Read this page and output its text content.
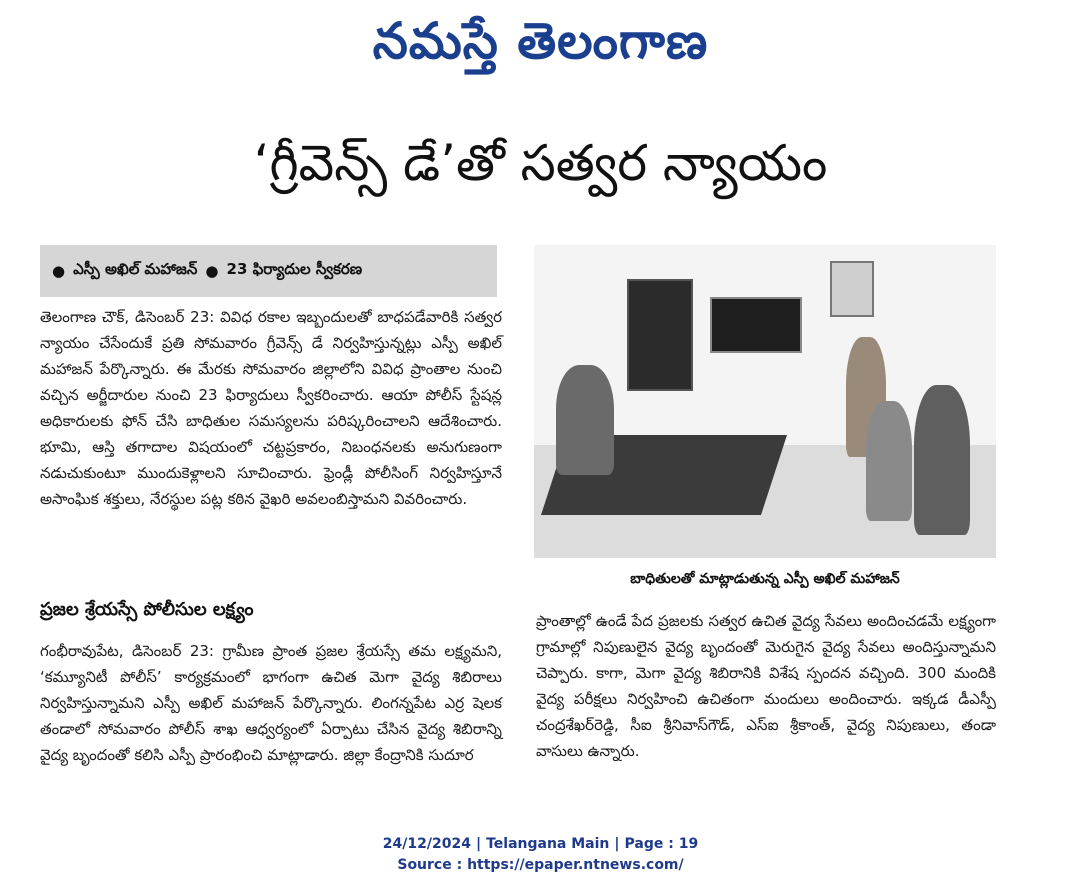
నమస్తే తెలంగాణ
‘గ్రీవెన్స్ డే’తో సత్వర న్యాయం
● ఎస్పీ అఖిల్ మహాజన్ ● 23 ఫిర్యాదుల స్వీకరణ

తెలంగాణ చౌక్, డిసెంబర్ 23: వివిధ రకాల ఇబ్బందులతో బాధపడేవారికి సత్వర న్యాయం చేసేందుకే ప్రతి సోమవారం గ్రీవెన్స్ డే నిర్వహిస్తున్నట్లు ఎస్పీ అఖిల్ మహాజన్ పేర్కొన్నారు. ఈ మేరకు సోమవారం జిల్లాలోని వివిధ ప్రాంతాల నుంచి వచ్చిన అర్జీదారుల నుంచి 23 ఫిర్యాదులు స్వీకరించారు. ఆయా పోలీస్ స్టేషన్ల అధికారులకు ఫోన్ చేసి బాధితుల సమస్యలను పరిష్కరించాలని ఆదేశించారు. భూమి, ఆస్తి తగాదాల విషయంలో చట్టప్రకారం, నిబంధనలకు అనుగుణంగా నడుచుకుంటూ ముందుకెళ్లాలని సూచించారు. ఫ్రెండ్లీ పోలీసింగ్ నిర్వహిస్తూనే అసాంఘిక శక్తులు, నేరస్థుల పట్ల కఠిన వైఖరి అవలంబిస్తామని వివరించారు.

బాధితులతో మాట్లాడుతున్న ఎస్పీ అఖిల్ మహాజన్
ప్రజల శ్రేయస్సే పోలీసుల లక్ష్యం

గంభీరావుపేట, డిసెంబర్ 23: గ్రామీణ ప్రాంత ప్రజల శ్రేయస్సే తమ లక్ష్యమని, ‘కమ్యూనిటీ పోలీస్’ కార్యక్రమంలో భాగంగా ఉచిత మెగా వైద్య శిబిరాలు నిర్వహిస్తున్నామని ఎస్పీ అఖిల్ మహాజన్ పేర్కొన్నారు. లింగన్నపేట ఎర్ర షెలక తండాలో సోమవారం పోలీస్ శాఖ ఆధ్వర్యంలో ఏర్పాటు చేసిన వైద్య శిబిరాన్ని వైద్య బృందంతో కలిసి ఎస్పీ ప్రారంభించి మాట్లాడారు. జిల్లా కేంద్రానికి సుదూర

ప్రాంతాల్లో ఉండే పేద ప్రజలకు సత్వర ఉచిత వైద్య సేవలు అందించడమే లక్ష్యంగా గ్రామాల్లో నిపుణులైన వైద్య బృందంతో మెరుగైన వైద్య సేవలు అందిస్తున్నామని చెప్పారు. కాగా, మెగా వైద్య శిబిరానికి విశేష స్పందన వచ్చింది. 300 మందికి వైద్య పరీక్షలు నిర్వహించి ఉచితంగా మందులు అందించారు. ఇక్కడ డీఎస్పీ చంద్రశేఖర్‌రెడ్డి, సీఐ శ్రీనివాస్‌గౌడ్, ఎస్ఐ శ్రీకాంత్, వైద్య నిపుణులు, తండా వాసులు ఉన్నారు.

24/12/2024 | Telangana Main | Page : 19
Source : https://epaper.ntnews.com/
